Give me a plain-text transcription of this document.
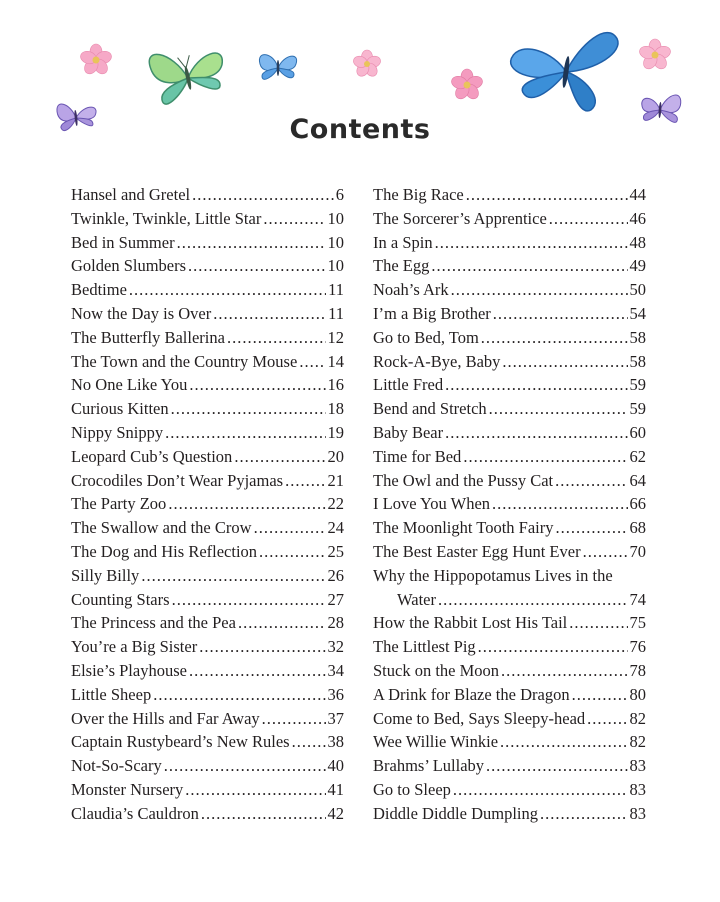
Contents
Hansel and Gretel .....	6
Twinkle, Twinkle, Little Star .....	10
Bed in Summer .....	10
Golden Slumbers .....	10
Bedtime .....	11
Now the Day is Over .....	11
The Butterfly Ballerina .....	12
The Town and the Country Mouse ..... 14
No One Like You .....	16
Curious Kitten .....	18
Nippy Snippy .....	19
Leopard Cub’s Question .....	20
Crocodiles Don’t Wear Pyjamas .....	21
The Party Zoo .....	22
The Swallow and the Crow .....	24
The Dog and His Reflection .....	25
Silly Billy .....	26
Counting Stars .....	27
The Princess and the Pea .....	28
You’re a Big Sister .....	32
Elsie’s Playhouse .....	34
Little Sheep .....	36
Over the Hills and Far Away .....	37
Captain Rustybeard’s New Rules ..... 38
Not-So-Scary .....	40
Monster Nursery .....	41
Claudia’s Cauldron .....	42
The Big Race .....	44
The Sorcerer’s Apprentice .....	46
In a Spin .....	48
The Egg .....	49
Noah’s Ark .....	50
I’m a Big Brother .....	54
Go to Bed, Tom .....	58
Rock-A-Bye, Baby .....	58
Little Fred .....	59
Bend and Stretch .....	59
Baby Bear .....	60
Time for Bed .....	62
The Owl and the Pussy Cat .....	64
I Love You When .....	66
The Moonlight Tooth Fairy .....	68
The Best Easter Egg Hunt Ever .....	70
Why the Hippopotamus Lives in the
Water .....	74
How the Rabbit Lost His Tail .....	75
The Littlest Pig .....	76
Stuck on the Moon .....	78
A Drink for Blaze the Dragon .....	80
Come to Bed, Says Sleepy-head .....	82
Wee Willie Winkie .....	82
Brahms’ Lullaby .....	83
Go to Sleep .....	83
Diddle Diddle Dumpling .....	83
